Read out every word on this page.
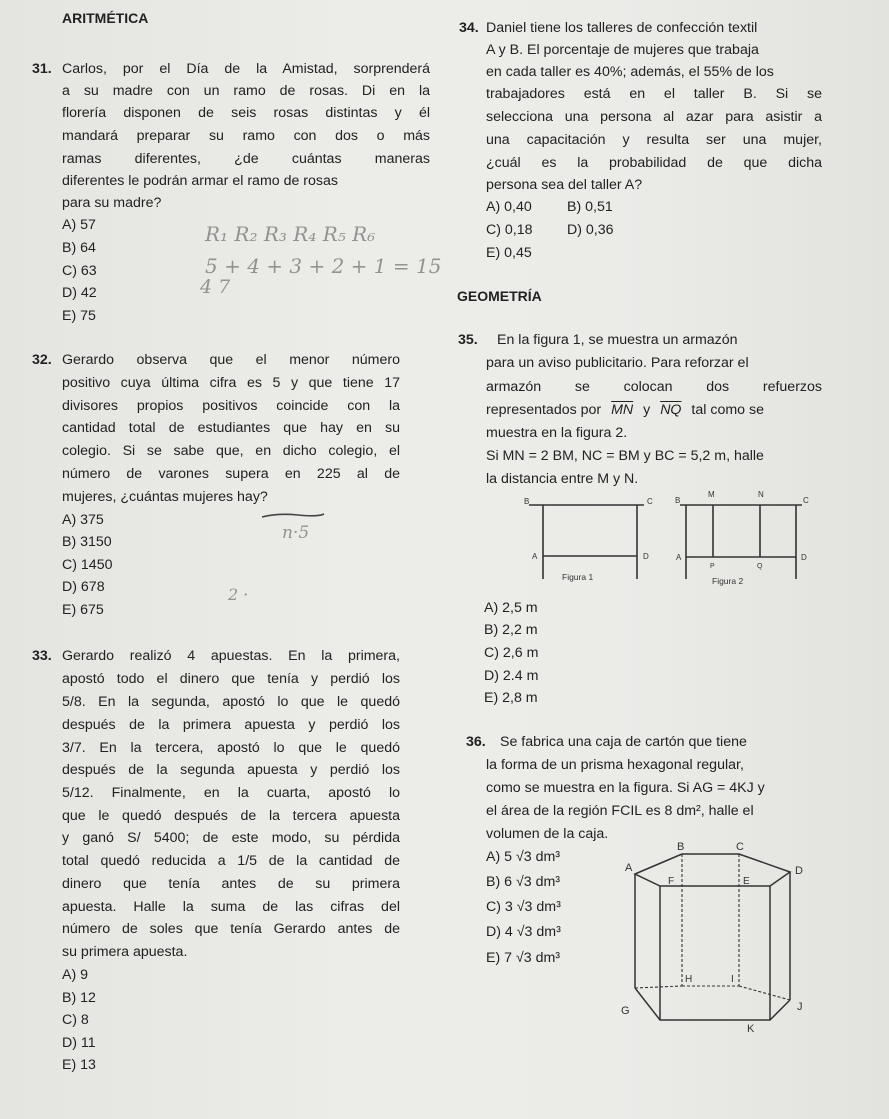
ARITMÉTICA
31. Carlos, por el Día de la Amistad, sorprenderá
a su madre con un ramo de rosas. Di en la
florería disponen de seis rosas distintas y él
mandará preparar su ramo con dos o más
ramas diferentes, ¿de cuántas maneras
diferentes le podrán armar el ramo de rosas
para su madre?
A) 57
B) 64
C) 63
D) 42
E) 75
R₁ R₂ R₃ R₄ R₅ R₆
5 + 4 + 3 + 2 + 1 = 15
4 7
32. Gerardo observa que el menor número
positivo cuya última cifra es 5 y que tiene 17
divisores propios positivos coincide con la
cantidad total de estudiantes que hay en su
colegio. Si se sabe que, en dicho colegio, el
número de varones supera en 225 al de
mujeres, ¿cuántas mujeres hay?
A) 375
B) 3150
C) 1450
D) 678
E) 675
n·5
2 ·
33. Gerardo realizó 4 apuestas. En la primera,
apostó todo el dinero que tenía y perdió los
5/8. En la segunda, apostó lo que le quedó
después de la primera apuesta y perdió los
3/7. En la tercera, apostó lo que le quedó
después de la segunda apuesta y perdió los
5/12. Finalmente, en la cuarta, apostó lo
que le quedó después de la tercera apuesta
y ganó S/ 5400; de este modo, su pérdida
total quedó reducida a 1/5 de la cantidad de
dinero que tenía antes de su primera
apuesta. Halle la suma de las cifras del
número de soles que tenía Gerardo antes de
su primera apuesta.
A) 9
B) 12
C) 8
D) 11
E) 13
34. Daniel tiene los talleres de confección textil
A y B. El porcentaje de mujeres que trabaja
en cada taller es 40%; además, el 55% de los
trabajadores está en el taller B. Si se
selecciona una persona al azar para asistir a
una capacitación y resulta ser una mujer,
¿cuál es la probabilidad de que dicha
persona sea del taller A?
A) 0,40 B) 0,51
C) 0,18 D) 0,36
E) 0,45
GEOMETRÍA
35. En la figura 1, se muestra un armazón
para un aviso publicitario. Para reforzar el
armazón se colocan dos refuerzos
representados por $\overline{MN}$ y $\overline{NQ}$ tal como se
muestra en la figura 2.
Si MN = 2 BM, NC = BM y BC = 5,2 m, halle
la distancia entre M y N.
B	C
A	D
Figura 1
B
M	N
C
A
P	Q
D
Figura 2
A) 2,5 m
B) 2,2 m
C) 2,6 m
D) 2.4 m
E) 2,8 m
36. Se fabrica una caja de cartón que tiene
la forma de un prisma hexagonal regular,
como se muestra en la figura. Si AG = 4KJ y
el área de la región FCIL es 8 dm², halle el
volumen de la caja.
A) 5 √3 dm³
B) 6 √3 dm³
C) 3 √3 dm³
D) 4 √3 dm³
E) 7 √3 dm³
B	C
A	D
F	E
H	I
G	J
K
